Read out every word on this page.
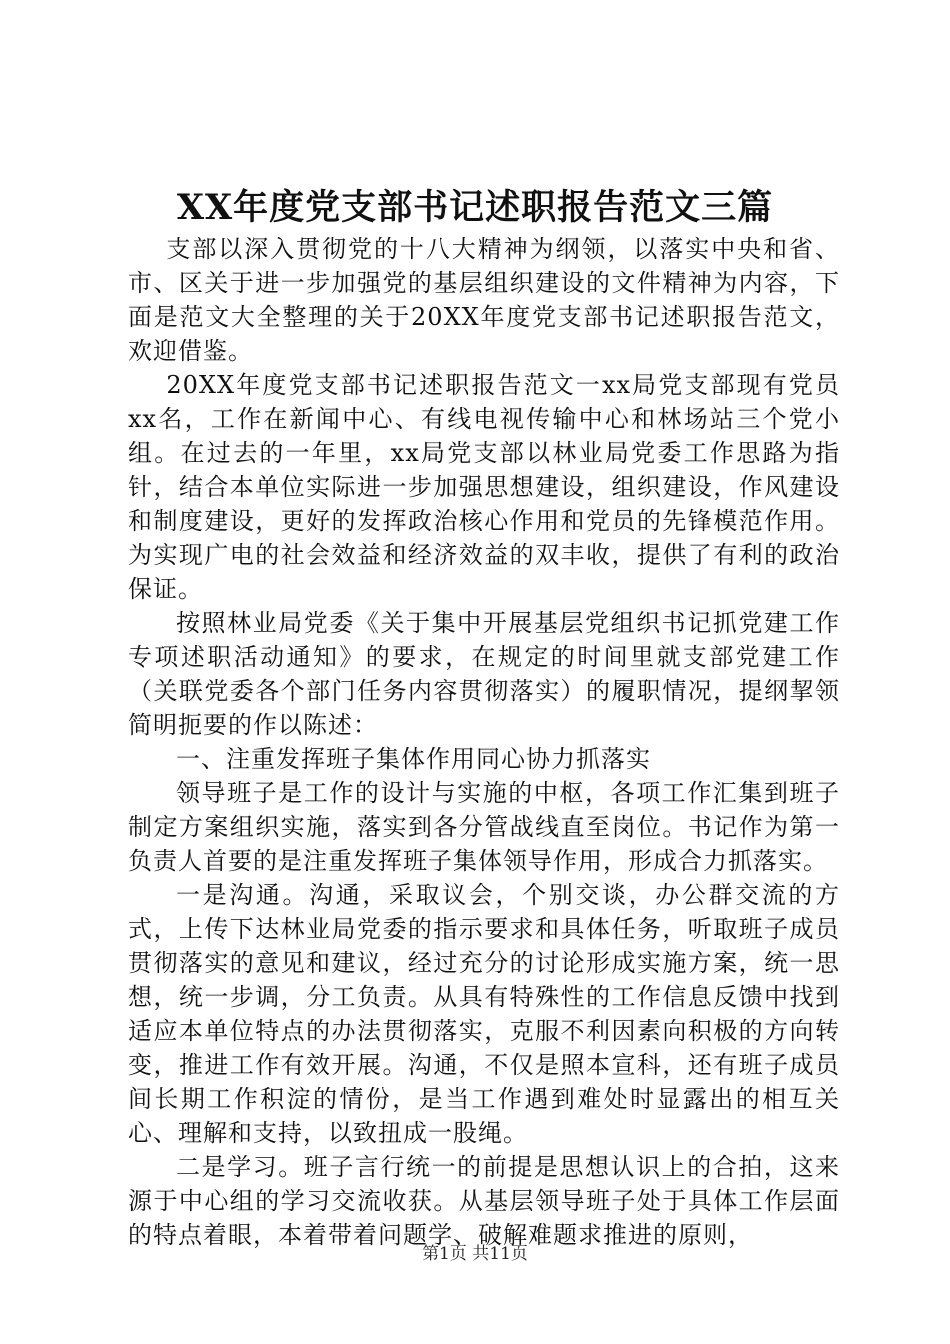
XX年度党支部书记述职报告范文三篇

支部以深入贯彻党的十八大精神为纲领，以落实中央和省、市、区关于进一步加强党的基层组织建设的文件精神为内容，下面是范文大全整理的关于20XX年度党支部书记述职报告范文，欢迎借鉴。

20XX年度党支部书记述职报告范文一xx局党支部现有党员xx名，工作在新闻中心、有线电视传输中心和林场站三个党小组。在过去的一年里，xx局党支部以林业局党委工作思路为指针，结合本单位实际进一步加强思想建设，组织建设，作风建设和制度建设，更好的发挥政治核心作用和党员的先锋模范作用。为实现广电的社会效益和经济效益的双丰收，提供了有利的政治保证。

按照林业局党委《关于集中开展基层党组织书记抓党建工作专项述职活动通知》的要求，在规定的时间里就支部党建工作（关联党委各个部门任务内容贯彻落实）的履职情况，提纲挈领简明扼要的作以陈述：

一、注重发挥班子集体作用同心协力抓落实

领导班子是工作的设计与实施的中枢，各项工作汇集到班子制定方案组织实施，落实到各分管战线直至岗位。书记作为第一负责人首要的是注重发挥班子集体领导作用，形成合力抓落实。

一是沟通。沟通，采取议会，个别交谈，办公群交流的方式，上传下达林业局党委的指示要求和具体任务，听取班子成员贯彻落实的意见和建议，经过充分的讨论形成实施方案，统一思想，统一步调，分工负责。从具有特殊性的工作信息反馈中找到适应本单位特点的办法贯彻落实，克服不利因素向积极的方向转变，推进工作有效开展。沟通，不仅是照本宣科，还有班子成员间长期工作积淀的情份，是当工作遇到难处时显露出的相互关心、理解和支持，以致扭成一股绳。

二是学习。班子言行统一的前提是思想认识上的合拍，这来源于中心组的学习交流收获。从基层领导班子处于具体工作层面的特点着眼，本着带着问题学、破解难题求推进的原则，

第1页 共11页
